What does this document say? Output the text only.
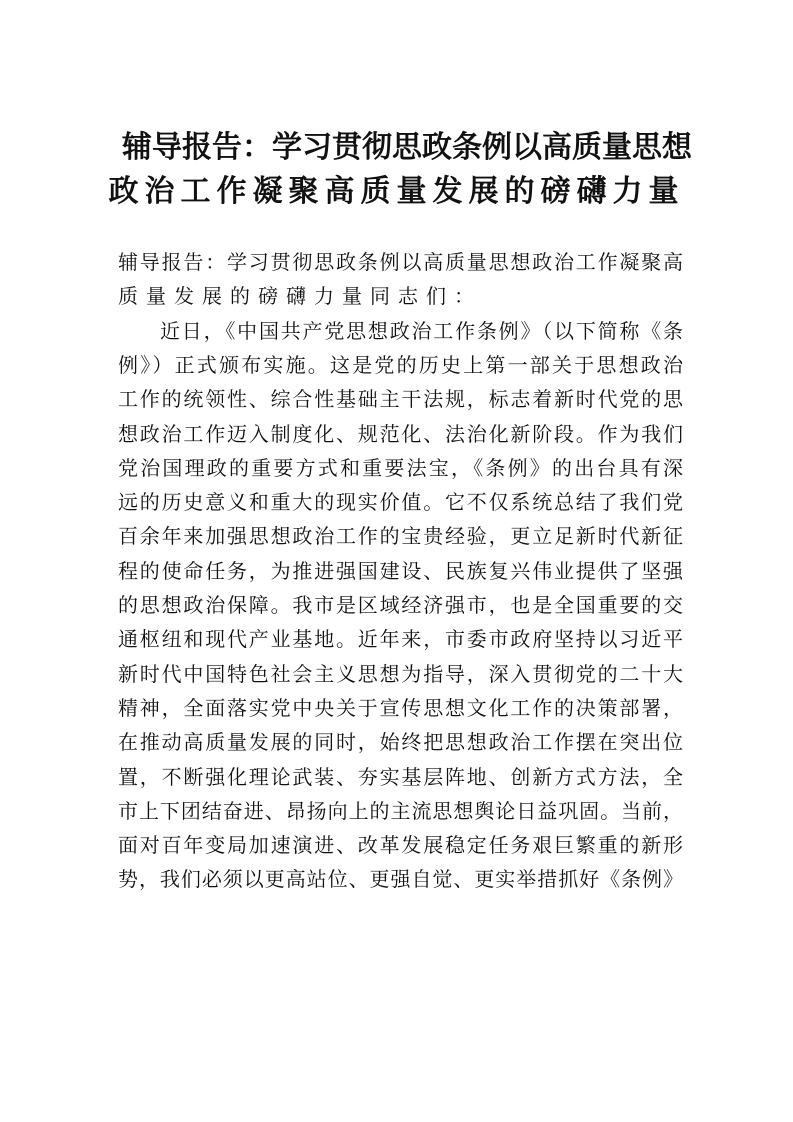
辅导报告：学习贯彻思政条例以高质量思想
政治工作凝聚高质量发展的磅礴力量
辅导报告：学习贯彻思政条例以高质量思想政治工作凝聚高
质量发展的磅礴力量同志们：
近日，《中国共产党思想政治工作条例》（以下简称《条
例》）正式颁布实施。这是党的历史上第一部关于思想政治
工作的统领性、综合性基础主干法规，标志着新时代党的思
想政治工作迈入制度化、规范化、法治化新阶段。作为我们
党治国理政的重要方式和重要法宝，《条例》的出台具有深
远的历史意义和重大的现实价值。它不仅系统总结了我们党
百余年来加强思想政治工作的宝贵经验，更立足新时代新征
程的使命任务，为推进强国建设、民族复兴伟业提供了坚强
的思想政治保障。我市是区域经济强市，也是全国重要的交
通枢纽和现代产业基地。近年来，市委市政府坚持以习近平
新时代中国特色社会主义思想为指导，深入贯彻党的二十大
精神，全面落实党中央关于宣传思想文化工作的决策部署，
在推动高质量发展的同时，始终把思想政治工作摆在突出位
置，不断强化理论武装、夯实基层阵地、创新方式方法，全
市上下团结奋进、昂扬向上的主流思想舆论日益巩固。当前，
面对百年变局加速演进、改革发展稳定任务艰巨繁重的新形
势，我们必须以更高站位、更强自觉、更实举措抓好《条例》
